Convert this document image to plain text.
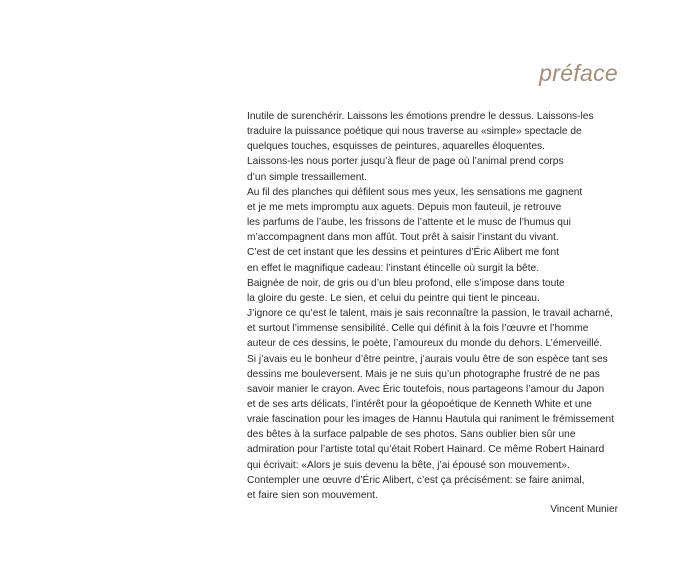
préface
Inutile de surenchérir. Laissons les émotions prendre le dessus. Laissons-les
traduire la puissance poétique qui nous traverse au «simple» spectacle de
quelques touches, esquisses de peintures, aquarelles éloquentes.
Laissons-les nous porter jusqu’à fleur de page où l’animal prend corps
d’un simple tressaillement.
Au fil des planches qui défilent sous mes yeux, les sensations me gagnent
et je me mets impromptu aux aguets. Depuis mon fauteuil, je retrouve
les parfums de l’aube, les frissons de l’attente et le musc de l’humus qui
m’accompagnent dans mon affût. Tout prêt à saisir l’instant du vivant.
C’est de cet instant que les dessins et peintures d’Éric Alibert me font
en effet le magnifique cadeau: l’instant étincelle où surgit la bête.
Baignée de noir, de gris ou d’un bleu profond, elle s’impose dans toute
la gloire du geste. Le sien, et celui du peintre qui tient le pinceau.
J’ignore ce qu’est le talent, mais je sais reconnaître la passion, le travail acharné,
et surtout l’immense sensibilité. Celle qui définit à la fois l’œuvre et l’homme
auteur de ces dessins, le poète, l’amoureux du monde du dehors. L’émerveillé.
Si j’avais eu le bonheur d’être peintre, j’aurais voulu être de son espèce tant ses
dessins me bouleversent. Mais je ne suis qu’un photographe frustré de ne pas
savoir manier le crayon. Avec Éric toutefois, nous partageons l’amour du Japon
et de ses arts délicats, l’intérêt pour la géopoétique de Kenneth White et une
vraie fascination pour les images de Hannu Hautula qui raniment le frémissement
des bêtes à la surface palpable de ses photos. Sans oublier bien sûr une
admiration pour l’artiste total qu’était Robert Hainard. Ce même Robert Hainard
qui écrivait: «Alors je suis devenu la bête, j’ai épousé son mouvement».
Contempler une œuvre d’Éric Alibert, c’est ça précisément: se faire animal,
et faire sien son mouvement.

Vincent Munier
